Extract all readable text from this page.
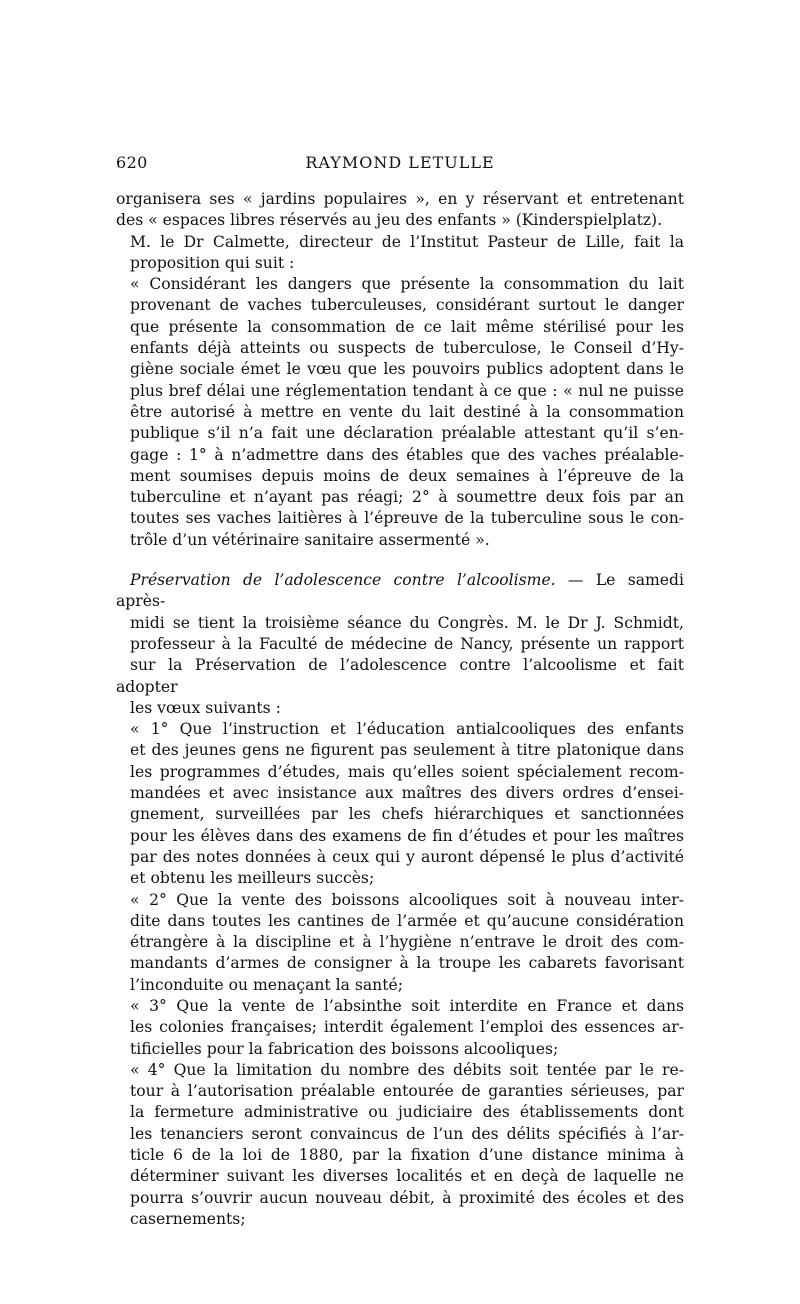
620	RAYMOND LETULLE

organisera ses « jardins populaires », en y réservant et entretenant
des « espaces libres réservés au jeu des enfants » (Kinderspielplatz).

M. le Dr Calmette, directeur de l’Institut Pasteur de Lille, fait la
proposition qui suit :

« Considérant les dangers que présente la consommation du lait
provenant de vaches tuberculeuses, considérant surtout le danger
que présente la consommation de ce lait même stérilisé pour les
enfants déjà atteints ou suspects de tuberculose, le Conseil d’Hy-
giène sociale émet le vœu que les pouvoirs publics adoptent dans le
plus bref délai une réglementation tendant à ce que : « nul ne puisse
être autorisé à mettre en vente du lait destiné à la consommation
publique s’il n’a fait une déclaration préalable attestant qu’il s’en-
gage : 1° à n’admettre dans des étables que des vaches préalable-
ment soumises depuis moins de deux semaines à l’épreuve de la
tuberculine et n’ayant pas réagi; 2° à soumettre deux fois par an
toutes ses vaches laitières à l’épreuve de la tuberculine sous le con-
trôle d’un vétérinaire sanitaire assermenté ».

Préservation de l’adolescence contre l’alcoolisme. — Le samedi après-
midi se tient la troisième séance du Congrès. M. le Dr J. Schmidt,
professeur à la Faculté de médecine de Nancy, présente un rapport
sur la Préservation de l’adolescence contre l’alcoolisme et fait adopter
les vœux suivants :

« 1° Que l’instruction et l’éducation antialcooliques des enfants
et des jeunes gens ne figurent pas seulement à titre platonique dans
les programmes d’études, mais qu’elles soient spécialement recom-
mandées et avec insistance aux maîtres des divers ordres d’ensei-
gnement, surveillées par les chefs hiérarchiques et sanctionnées
pour les élèves dans des examens de fin d’études et pour les maîtres
par des notes données à ceux qui y auront dépensé le plus d’activité
et obtenu les meilleurs succès;

« 2° Que la vente des boissons alcooliques soit à nouveau inter-
dite dans toutes les cantines de l’armée et qu’aucune considération
étrangère à la discipline et à l’hygiène n’entrave le droit des com-
mandants d’armes de consigner à la troupe les cabarets favorisant
l’inconduite ou menaçant la santé;

« 3° Que la vente de l’absinthe soit interdite en France et dans
les colonies françaises; interdit également l’emploi des essences ar-
tificielles pour la fabrication des boissons alcooliques;

« 4° Que la limitation du nombre des débits soit tentée par le re-
tour à l’autorisation préalable entourée de garanties sérieuses, par
la fermeture administrative ou judiciaire des établissements dont
les tenanciers seront convaincus de l’un des délits spécifiés à l’ar-
ticle 6 de la loi de 1880, par la fixation d’une distance minima à
déterminer suivant les diverses localités et en deçà de laquelle ne
pourra s’ouvrir aucun nouveau débit, à proximité des écoles et des
casernements;
